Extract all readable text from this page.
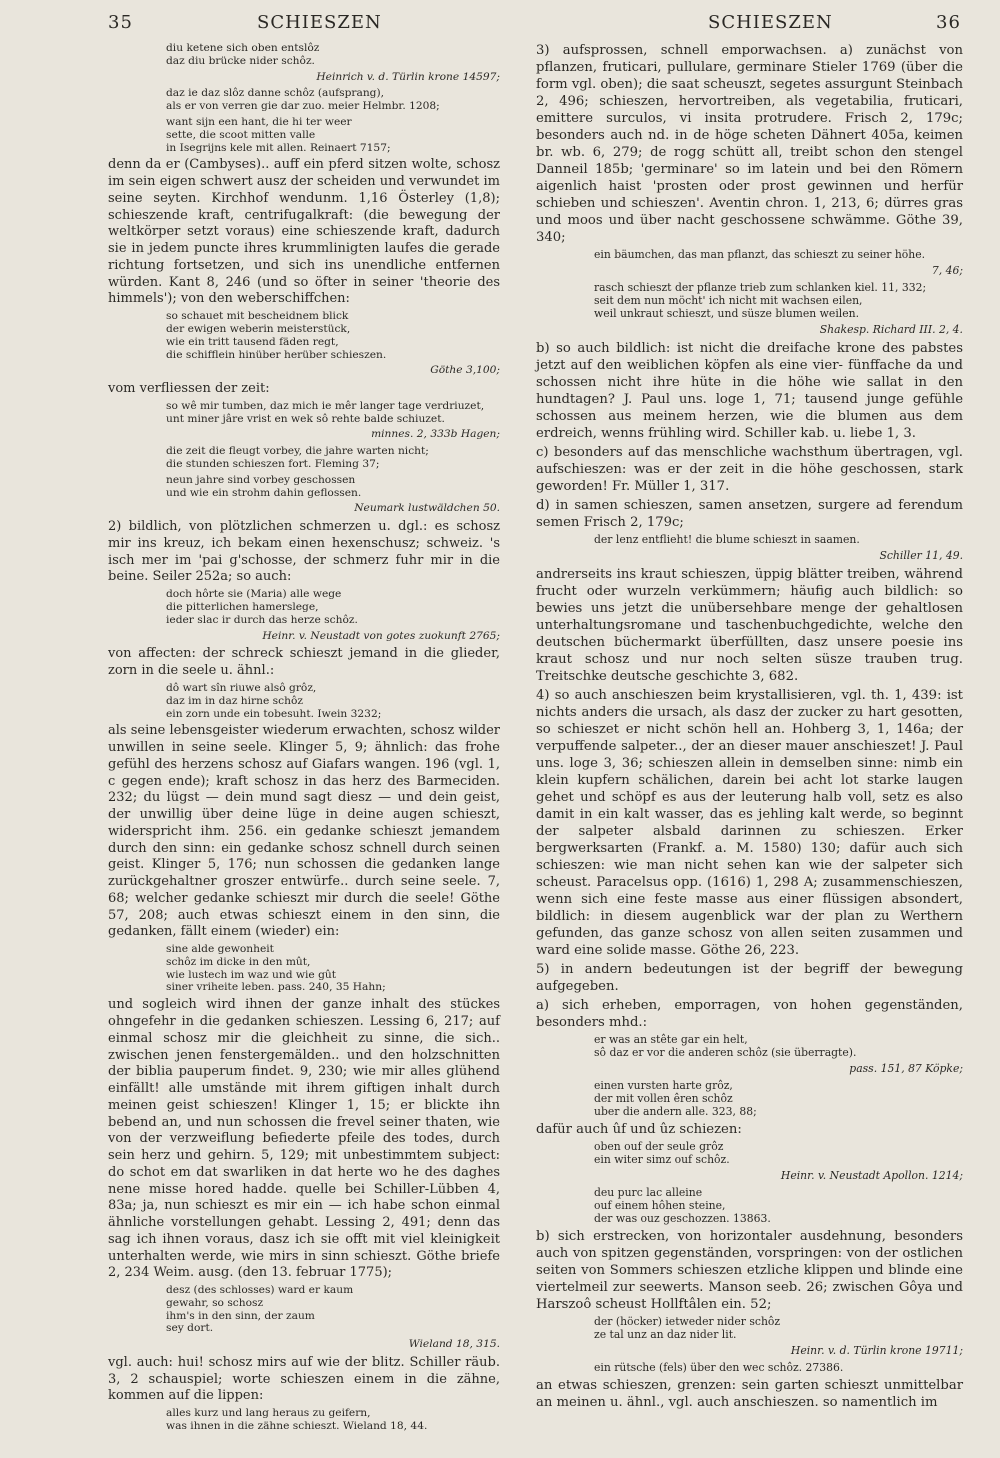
35	SCHIESZEN	SCHIESZEN	36

diu ketene sich oben entslôz
daz diu brücke nider schôz.

Heinrich v. d. Türlin krone 14597;

daz ie daz slôz danne schôz (aufsprang),
als er von verren gie dar zuo. meier Helmbr. 1208;

want sijn een hant, die hi ter weer
sette, die scoot mitten valle
in Isegrijns kele mit allen. Reinaert 7157;

denn da er (Cambyses).. auff ein pferd sitzen wolte, schosz im sein eigen schwert ausz der scheiden und verwundet im seine seyten. Kirchhof wendunm. 1,16 Österley (1,8); schieszende kraft, centrifugalkraft: (die bewegung der weltkörper setzt voraus) eine schieszende kraft, dadurch sie in jedem puncte ihres krummlinigten laufes die gerade richtung fortsetzen, und sich ins unendliche entfernen würden. Kant 8, 246 (und so öfter in seiner 'theorie des himmels'); von den weberschiffchen:

so schauet mit bescheidnem blick
der ewigen weberin meisterstück,
wie ein tritt tausend fäden regt,
die schifflein hinüber herüber schieszen.

Göthe 3,100;

vom verfliessen der zeit:

so wê mir tumben, daz mich ie mêr langer tage verdriuzet,
unt miner jâre vrist en wek sô rehte balde schiuzet.

minnes. 2, 333b Hagen;

die zeit die fleugt vorbey, die jahre warten nicht;
die stunden schieszen fort. Fleming 37;

neun jahre sind vorbey geschossen
und wie ein strohm dahin geflossen.

Neumark lustwäldchen 50.

2) bildlich, von plötzlichen schmerzen u. dgl.: es schosz mir ins kreuz, ich bekam einen hexenschusz; schweiz. 's isch mer im 'pai g'schosse, der schmerz fuhr mir in die beine. Seiler 252a; so auch:

doch hôrte sie (Maria) alle wege
die pitterlichen hamerslege,
ieder slac ir durch das herze schôz.

Heinr. v. Neustadt von gotes zuokunft 2765;

von affecten: der schreck schieszt jemand in die glieder, zorn in die seele u. ähnl.:

dô wart sîn riuwe alsô grôz,
daz im in daz hirne schôz
ein zorn unde ein tobesuht. Iwein 3232;

als seine lebensgeister wiederum erwachten, schosz wilder unwillen in seine seele. Klinger 5, 9; ähnlich: das frohe gefühl des herzens schosz auf Giafars wangen. 196 (vgl. 1, c gegen ende); kraft schosz in das herz des Barmeciden. 232; du lügst — dein mund sagt diesz — und dein geist, der unwillig über deine lüge in deine augen schieszt, widerspricht ihm. 256. ein gedanke schieszt jemandem durch den sinn: ein gedanke schosz schnell durch seinen geist. Klinger 5, 176; nun schossen die gedanken lange zurückgehaltner groszer entwürfe.. durch seine seele. 7, 68; welcher gedanke schieszt mir durch die seele! Göthe 57, 208; auch etwas schieszt einem in den sinn, die gedanken, fällt einem (wieder) ein:

sine alde gewonheit
schôz im dicke in den mût,
wie lustech im waz und wie gût
siner vriheite leben. pass. 240, 35 Hahn;

und sogleich wird ihnen der ganze inhalt des stückes ohngefehr in die gedanken schieszen. Lessing 6, 217; auf einmal schosz mir die gleichheit zu sinne, die sich.. zwischen jenen fenstergemälden.. und den holzschnitten der biblia pauperum findet. 9, 230; wie mir alles glühend einfällt! alle umstände mit ihrem giftigen inhalt durch meinen geist schieszen! Klinger 1, 15; er blickte ihn bebend an, und nun schossen die frevel seiner thaten, wie von der verzweiflung befiederte pfeile des todes, durch sein herz und gehirn. 5, 129; mit unbestimmtem subject: do schot em dat swarliken in dat herte wo he des daghes nene misse hored hadde. quelle bei Schiller-Lübben 4, 83a; ja, nun schieszt es mir ein — ich habe schon einmal ähnliche vorstellungen gehabt. Lessing 2, 491; denn das sag ich ihnen voraus, dasz ich sie offt mit viel kleinigkeit unterhalten werde, wie mirs in sinn schieszt. Göthe briefe 2, 234 Weim. ausg. (den 13. februar 1775);

desz (des schlosses) ward er kaum
gewahr, so schosz
ihm's in den sinn, der zaum
sey dort.

Wieland 18, 315.

vgl. auch: hui! schosz mirs auf wie der blitz. Schiller räub. 3, 2 schauspiel; worte schieszen einem in die zähne, kommen auf die lippen:

alles kurz und lang heraus zu geifern,
was ihnen in die zähne schieszt. Wieland 18, 44.

3) aufsprossen, schnell emporwachsen. a) zunächst von pflanzen, fruticari, pullulare, germinare Stieler 1769 (über die form vgl. oben); die saat scheuszt, segetes assurgunt Steinbach 2, 496; schieszen, hervortreiben, als vegetabilia, fruticari, emittere surculos, vi insita protrudere. Frisch 2, 179c; besonders auch nd. in de höge scheten Dähnert 405a, keimen br. wb. 6, 279; de rogg schütt all, treibt schon den stengel Danneil 185b; 'germinare' so im latein und bei den Römern aigenlich haist 'prosten oder prost gewinnen und herfür schieben und schieszen'. Aventin chron. 1, 213, 6; dürres gras und moos und über nacht geschossene schwämme. Göthe 39, 340;

ein bäumchen, das man pflanzt, das schieszt zu seiner höhe.

7, 46;

rasch schieszt der pflanze trieb zum schlanken kiel. 11, 332;
seit dem nun möcht' ich nicht mit wachsen eilen,
weil unkraut schieszt, und süsze blumen weilen.

Shakesp. Richard III. 2, 4.

b) so auch bildlich: ist nicht die dreifache krone des pabstes jetzt auf den weiblichen köpfen als eine vier- fünffache da und schossen nicht ihre hüte in die höhe wie sallat in den hundtagen? J. Paul uns. loge 1, 71; tausend junge gefühle schossen aus meinem herzen, wie die blumen aus dem erdreich, wenns frühling wird. Schiller kab. u. liebe 1, 3.

c) besonders auf das menschliche wachsthum übertragen, vgl. aufschieszen: was er der zeit in die höhe geschossen, stark geworden! Fr. Müller 1, 317.

d) in samen schieszen, samen ansetzen, surgere ad ferendum semen Frisch 2, 179c;

der lenz entflieht! die blume schieszt in saamen.

Schiller 11, 49.

andrerseits ins kraut schieszen, üppig blätter treiben, während frucht oder wurzeln verkümmern; häufig auch bildlich: so bewies uns jetzt die unübersehbare menge der gehaltlosen unterhaltungsromane und taschenbuchgedichte, welche den deutschen büchermarkt überfüllten, dasz unsere poesie ins kraut schosz und nur noch selten süsze trauben trug. Treitschke deutsche geschichte 3, 682.

4) so auch anschieszen beim krystallisieren, vgl. th. 1, 439: ist nichts anders die ursach, als dasz der zucker zu hart gesotten, so schieszet er nicht schön hell an. Hohberg 3, 1, 146a; der verpuffende salpeter.., der an dieser mauer anschieszet! J. Paul uns. loge 3, 36; schieszen allein in demselben sinne: nimb ein klein kupfern schälichen, darein bei acht lot starke laugen gehet und schöpf es aus der leuterung halb voll, setz es also damit in ein kalt wasser, das es jehling kalt werde, so beginnt der salpeter alsbald darinnen zu schieszen. Erker bergwerksarten (Frankf. a. M. 1580) 130; dafür auch sich schieszen: wie man nicht sehen kan wie der salpeter sich scheust. Paracelsus opp. (1616) 1, 298 A; zusammenschieszen, wenn sich eine feste masse aus einer flüssigen absondert, bildlich: in diesem augenblick war der plan zu Werthern gefunden, das ganze schosz von allen seiten zusammen und ward eine solide masse. Göthe 26, 223.

5) in andern bedeutungen ist der begriff der bewegung aufgegeben.

a) sich erheben, emporragen, von hohen gegenständen, besonders mhd.:

er was an stête gar ein helt,
sô daz er vor die anderen schôz (sie überragte).

pass. 151, 87 Köpke;

einen vursten harte grôz,
der mit vollen êren schôz
uber die andern alle. 323, 88;

dafür auch ûf und ûz schiezen:

oben ouf der seule grôz
ein witer simz ouf schôz.

Heinr. v. Neustadt Apollon. 1214;

deu purc lac alleine
ouf einem hôhen steine,
der was ouz geschozzen. 13863.

b) sich erstrecken, von horizontaler ausdehnung, besonders auch von spitzen gegenständen, vorspringen: von der ostlichen seiten von Sommers schieszen etzliche klippen und blinde eine viertelmeil zur seewerts. Manson seeb. 26; zwischen Gôya und Harszoô scheust Hollftâlen ein. 52;

der (höcker) ietweder nider schôz
ze tal unz an daz nider lit.

Heinr. v. d. Türlin krone 19711;

ein rütsche (fels) über den wec schôz. 27386.

an etwas schieszen, grenzen: sein garten schieszt unmittelbar an meinen u. ähnl., vgl. auch anschieszen. so namentlich im
